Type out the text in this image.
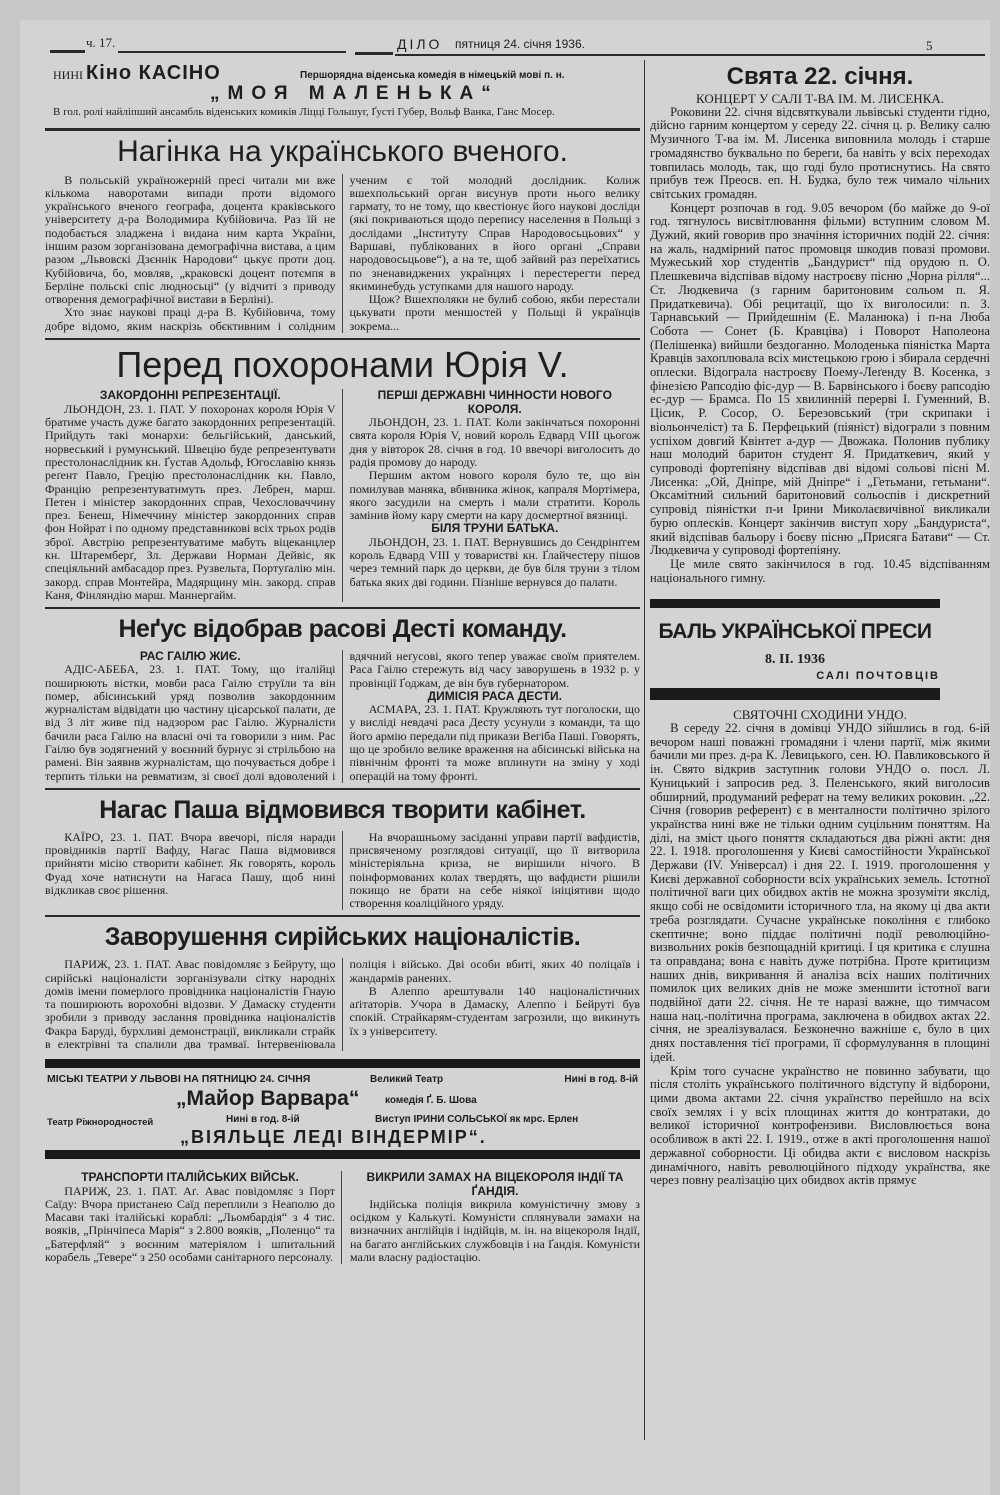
ч. 17.	ДІЛО пятниця 24. січня 1936.	5
НИНІ Кіно КАСІНО	Першорядна віденська комедія в німецькій мові п. н.
„МОЯ МАЛЕНЬКА“
В гол. ролі найліпший ансамбль віденських комиків Ліцці Гольшуг, Ґусті Губер, Вольф Ванка, Ганс Мосер.
Нагінка на українського вченого.

В польській україножерній пресі читали ми вже кількома наворотами випади проти відомого українського вченого географа, доцента краківського університету д-ра Володимира Кубійовича. Раз їй не подобається зладжена і видана ним карта України, іншим разом зорганізована демографічна вистава, а цим разом „Львовскі Дзєннік Народови“ цькує проти доц. Кубійовича, бо, мовляв, „краковскі доцент потємпя в Берліне польскі спіс людносьці“ (у відчиті з приводу отворення демографічної вистави в Берліні).

Хто знає наукові праці д-ра В. Кубійовича, тому добре відомо, яким наскрізь обєктивним і солідним ученим є той молодий дослідник. Колиж вшехпольський орган висунув проти нього велику гармату, то не тому, що квестіонує його наукові досліди (які покриваються щодо перепису населення в Польщі з дослідами „Інституту Справ Народовосьцьових“ у Варшаві, публікованих в його органі „Справи народовосьцьове“), а на те, щоб зайвий раз переїхатись по зненавиджених українцях і перестерегти перед якиминебудь уступками для нашого народу.

Щож? Вшехполяки не булиб собою, якби перестали цькувати проти меншостей у Польщі й українців зокрема...

Перед похоронами Юрія V.

ЗАКОРДОННІ РЕПРЕЗЕНТАЦІЇ.

ЛЬОНДОН, 23. 1. ПАТ. У похоронах короля Юрія V братиме участь дуже багато закордонних репрезентацій. Прийдуть такі монархи: бельгійський, данський, норвеський і румунський. Швецію буде репрезентувати престолонаслідник кн. Ґустав Адольф, Югославію князь реґент Павло, Грецію престолонаслідник кн. Павло, Францію репрезентуватимуть през. Лебрен, марш. Петен і міністер закордонних справ, Чехословаччину през. Бенеш, Німеччину міністер закордонних справ фон Нойрат і по одному представникові всіх трьох родів зброї. Австрію репрезентуватиме мабуть віцеканцлер кн. Штаремберґ, Зл. Держави Норман Дейвіс, як спеціяльний амбасадор през. Рузвельта, Портуґалію мін. закорд. справ Монтейра, Мадярщину мін. закорд. справ Каня, Фінляндію марш. Маннергайм.

ПЕРШІ ДЕРЖАВНІ ЧИННОСТИ НОВОГО КОРОЛЯ.

ЛЬОНДОН, 23. 1. ПАТ. Коли закінчаться похоронні свята короля Юрія V, новий король Едвард VIII цьогож дня у вівторок 28. січня в год. 10 ввечорі виголосить до радія промову до народу.

Першим актом нового короля було те, що він помилував маняка, вбивника жінок, капраля Мортімера, якого засудили на смерть і мали стратити. Король замінив йому кару смерти на кару досмертної вязниці.

БІЛЯ ТРУНИ БАТЬКА.

ЛЬОНДОН, 23. 1. ПАТ. Вернувшись до Сендрінґгем король Едвард VIII у товаристві кн. Ґлайчестеру пішов через темний парк до церкви, де був біля труни з тілом батька яких дві години. Пізніше вернувся до палати.

Неґус відобрав расові Десті команду.

РАС ГАІЛЮ ЖИЄ.

АДІС-АБЕБА, 23. 1. ПАТ. Тому, що італійці поширюють вістки, мовби раса Гаілю струїли та він помер, абісинський уряд позволив закордонним журналістам відвідати цю частину цісарської палати, де від 3 літ живе під надзором рас Гаілю. Журналісти бачили раса Гаілю на власні очі та говорили з ним. Рас Гаілю був зодягнений у воєнний бурнус зі стрільбою на рамені. Він заявив журналістам, що почувається добре і терпить тільки на ревматизм, зі своєї долі вдоволений і вдячний неґусові, якого тепер уважає своїм приятелем. Раса Гаілю стережуть від часу заворушень в 1932 р. у провінції Ґоджам, де він був ґубернатором.

ДИМІСІЯ РАСА ДЕСТИ.

АСМАРА, 23. 1. ПАТ. Кружляють тут поголоски, що у висліді невдачі раса Десту усунули з команди, та що його армію передали під прикази Вегіба Паші. Говорять, що це зробило велике враження на абісинські війська на північнім фронті та може вплинути на зміну у ході операцій на тому фронті.

Нагас Паша відмовився творити кабінет.

КАЇРО, 23. 1. ПАТ. Вчора ввечорі, після наради провідників партії Вафду, Нагас Паша відмовився прийняти місію створити кабінет. Як говорять, король Фуад хоче натиснути на Нагаса Пашу, щоб нині відкликав своє рішення.

На вчорашньому засіданні управи партії вафдистів, присвяченому розглядові ситуації, що її витворила міністеріяльна криза, не вирішили нічого. В поінформованих колах твердять, що вафдисти рішили покищо не брати на себе ніякої ініціятиви щодо створення коаліційного уряду.

Заворушення сирійських націоналістів.

ПАРИЖ, 23. 1. ПАТ. Авас повідомляє з Бейруту, що сирійські націоналісти зорганізували сітку народніх домів імени померлого провідника націоналістів Гнаую та поширюють ворохобні відозви. У Дамаску студенти зробили з приводу заслання провідника націоналістів Факра Баруді, бурхливі демонстрації, викликали страйк в електрівні та спалили два трамваї. Інтервеніювала поліція і військо. Дві особи вбиті, яких 40 поліцаїв і жандармів ранених.

В Алеппо арештували 140 націоналістичних аґітаторів. Учора в Дамаску, Алеппо і Бейруті був спокій. Страйкарям-студентам загрозили, що викинуть їх з університету.

МІСЬКІ ТЕАТРИ У ЛЬВОВІ НА ПЯТНИЦЮ 24. СІЧНЯ	Великий Театр	Нині в год. 8-ій
„Майор Варвара“	комедія Ґ. Б. Шова
Театр Ріжнородностей	Нині в год. 8-ій	Виступ ІРИНИ СОЛЬСЬКОЇ як мрс. Ерлен
„ВІЯЛЬЦЕ ЛЕДІ ВІНДЕРМІР“.

ТРАНСПОРТИ ІТАЛІЙСЬКИХ ВІЙСЬК.

ПАРИЖ, 23. 1. ПАТ. Аґ. Авас повідомляє з Порт Саїду: Вчора пристанею Саїд переплили з Неаполю до Масави такі італійські кораблі: „Льомбардія“ з 4 тис. вояків, „Прінчіпеса Марія“ з 2.800 вояків, „Поленцо“ та „Батерфляй“ з воєнним матеріялом і шпитальний корабель „Тевере“ з 250 особами санітарного персоналу.

ВИКРИЛИ ЗАМАХ НА ВІЦЕКОРОЛЯ ІНДІЇ ТА ҐАНДІЯ.

Індійська поліція викрила комуністичну змову з осідком у Калькуті. Комуністи сплянували замахи на визначних англійців і індійців, м. ін. на віцекороля Індії, на багато англійських службовців і на Ґандія. Комуністи мали власну радіостацію.

Свята 22. січня.

КОНЦЕРТ У САЛІ Т-ВА ІМ. М. ЛИСЕНКА.

Роковини 22. січня відсвяткували львівські студенти гідно, дійсно гарним концертом у середу 22. січня ц. р. Велику салю Музичного Т-ва ім. М. Лисенка виповнила молодь і старше громадянство буквально по береги, ба навіть у всіх переходах товпилась молодь, так, що годі було протиснутись. На свято прибув теж Преосв. еп. Н. Будка, було теж чимало чільних світських громадян.

Концерт розпочав в год. 9.05 вечором (бо майже до 9-ої год. тягнулось висвітлювання фільми) вступним словом М. Дужий, який говорив про значіння історичних подій 22. січня: на жаль, надмірний патос промовця шкодив повазі промови. Мужеський хор студентів „Бандурист“ під орудою п. О. Плешкевича відспівав відому настроєву пісню „Чорна рілля“... Ст. Людкевича (з гарним баритоновим сольом п. Я. Придаткевича). Обі рецитації, що їх виголосили: п. З. Тарнавський — Прийдешнім (Е. Маланюка) і п-на Люба Собота — Сонет (Б. Кравціва) і Поворот Наполеона (Пелішенка) вийшли бездоганно. Молоденька піяністка Марта Кравців захоплювала всіх мистецькою грою і збирала сердечні оплески. Відограла настроєву Поему-Леґенду В. Косенка, з фінезією Рапсодію фіс-дур — В. Барвінського і боєву рапсодію ес-дур — Брамса. По 15 хвилинній перерві І. Гуменний, В. Цісик, Р. Сосор, О. Березовський (три скрипаки і віольончеліст) та Б. Перфецький (піяніст) відограли з повним успіхом довгий Квінтет а-дур — Двожака. Полонив публику наш молодий баритон студент Я. Придаткевич, який у супроводі фортепіяну відспівав дві відомі сольові пісні М. Лисенка: „Ой, Дніпре, мій Дніпре“ і „Гетьмани, гетьмани“. Оксамітний сильний баритоновий сольоспів і дискретний супровід піяністки п-и Ірини Миколаєвичівної викликали бурю оплесків. Концерт закінчив виступ хору „Бандуриста“, який відспівав бальору і боєву пісню „Присяга Батави“ — Ст. Людкевича у супроводі фортепіяну.

Це миле свято закінчилося в год. 10.45 відспіванням національного гимну.

БАЛЬ УКРАЇНСЬКОЇ ПРЕСИ
8. II. 1936
САЛІ ПОЧТОВЦІВ

СВЯТОЧНІ СХОДИНИ УНДО.

В середу 22. січня в домівці УНДО зійшлись в год. 6-ій вечором наші поважні громадяни і члени партії, між якими бачили ми през. д-ра К. Левицького, сен. Ю. Павликовського й ін. Свято відкрив заступник голови УНДО о. посл. Л. Куницький і запросив ред. З. Пеленського, який виголосив обширний, продуманий реферат на тему великих роковин. „22. Січня (говорив референт) є в менталности політично зрілого українства нині вже не тільки одним суцільним поняттям. На ділі, на зміст цього поняття складаються два ріжні акти: дня 22. І. 1918. проголошення у Києві самостійности Української Держави (IV. Універсал) і дня 22. І. 1919. проголошення у Києві державної соборности всіх українських земель. Істотної політичної ваги цих обидвох актів не можна зрозуміти якслід, якщо собі не освідомити історичного тла, на якому ці два акти треба розглядати. Сучасне українське покоління є глибоко скептичне; воно піддає політичні події революційно-визвольних років безпощадній критиці. І ця критика є слушна та оправдана; вона є навіть дуже потрібна. Проте критицизм наших днів, викривання й аналіза всіх наших політичних помилок цих великих днів не може зменшити істотної ваги подвійної дати 22. січня. Не те наразі важне, що тимчасом наша нац.-політична програма, заключена в обидвох актах 22. січня, не зреалізувалася. Безконечно важніше є, було в цих днях поставлення тієї програми, її сформулування в площині ідей.

Крім того сучасне українство не повинно забувати, що після століть українського політичного відступу й відборони, цими двома актами 22. січня українство перейшло на всіх своїх землях і у всіх площинах життя до контратаки, до великої історичної контрофензиви. Висловлюється вона особливож в акті 22. І. 1919., отже в акті проголошення нашої державної соборности. Ці обидва акти є висловом наскрізь динамічного, навіть революційного підходу українства, яке через повну реалізацію цих обидвох актів прямує
